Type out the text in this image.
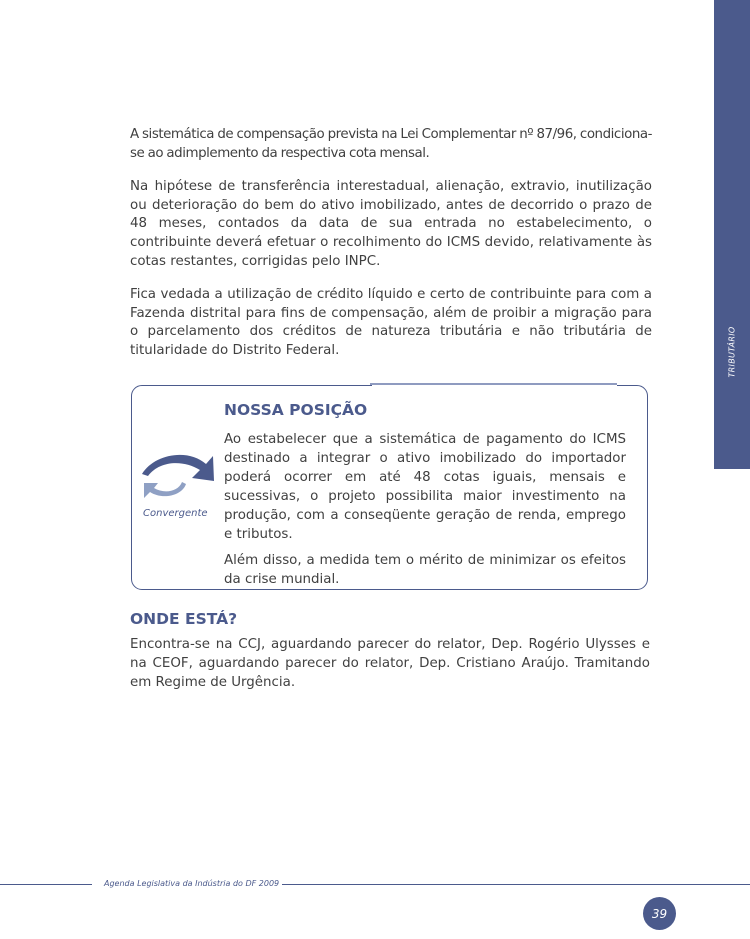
TRIBUTÁRIO

A sistemática de compensação prevista na Lei Complementar nº 87/96, condiciona-se ao adimplemento da respectiva cota mensal.

Na hipótese de transferência interestadual, alienação, extravio, inutilização ou deterioração do bem do ativo imobilizado, antes de decorrido o prazo de 48 meses, contados da data de sua entrada no estabelecimento, o contribuinte deverá efetuar o recolhimento do ICMS devido, relativamente às cotas restantes, corrigidas pelo INPC.

Fica vedada a utilização de crédito líquido e certo de contribuinte para com a Fazenda distrital para fins de compensação, além de proibir a migração para o parcelamento dos créditos de natureza tributária e não tributária de titularidade do Distrito Federal.

NOSSA POSIÇÃO
Convergente

Ao estabelecer que a sistemática de pagamento do ICMS destinado a integrar o ativo imobilizado do importador poderá ocorrer em até 48 cotas iguais, mensais e sucessivas, o projeto possibilita maior investimento na produção, com a conseqüente geração de renda, emprego e tributos.

Além disso, a medida tem o mérito de minimizar os efeitos da crise mundial.

ONDE ESTÁ?

Encontra-se na CCJ, aguardando parecer do relator, Dep. Rogério Ulysses e na CEOF, aguardando parecer do relator, Dep. Cristiano Araújo. Tramitando em Regime de Urgência.

Agenda Legislativa da Indústria do DF 2009
39
